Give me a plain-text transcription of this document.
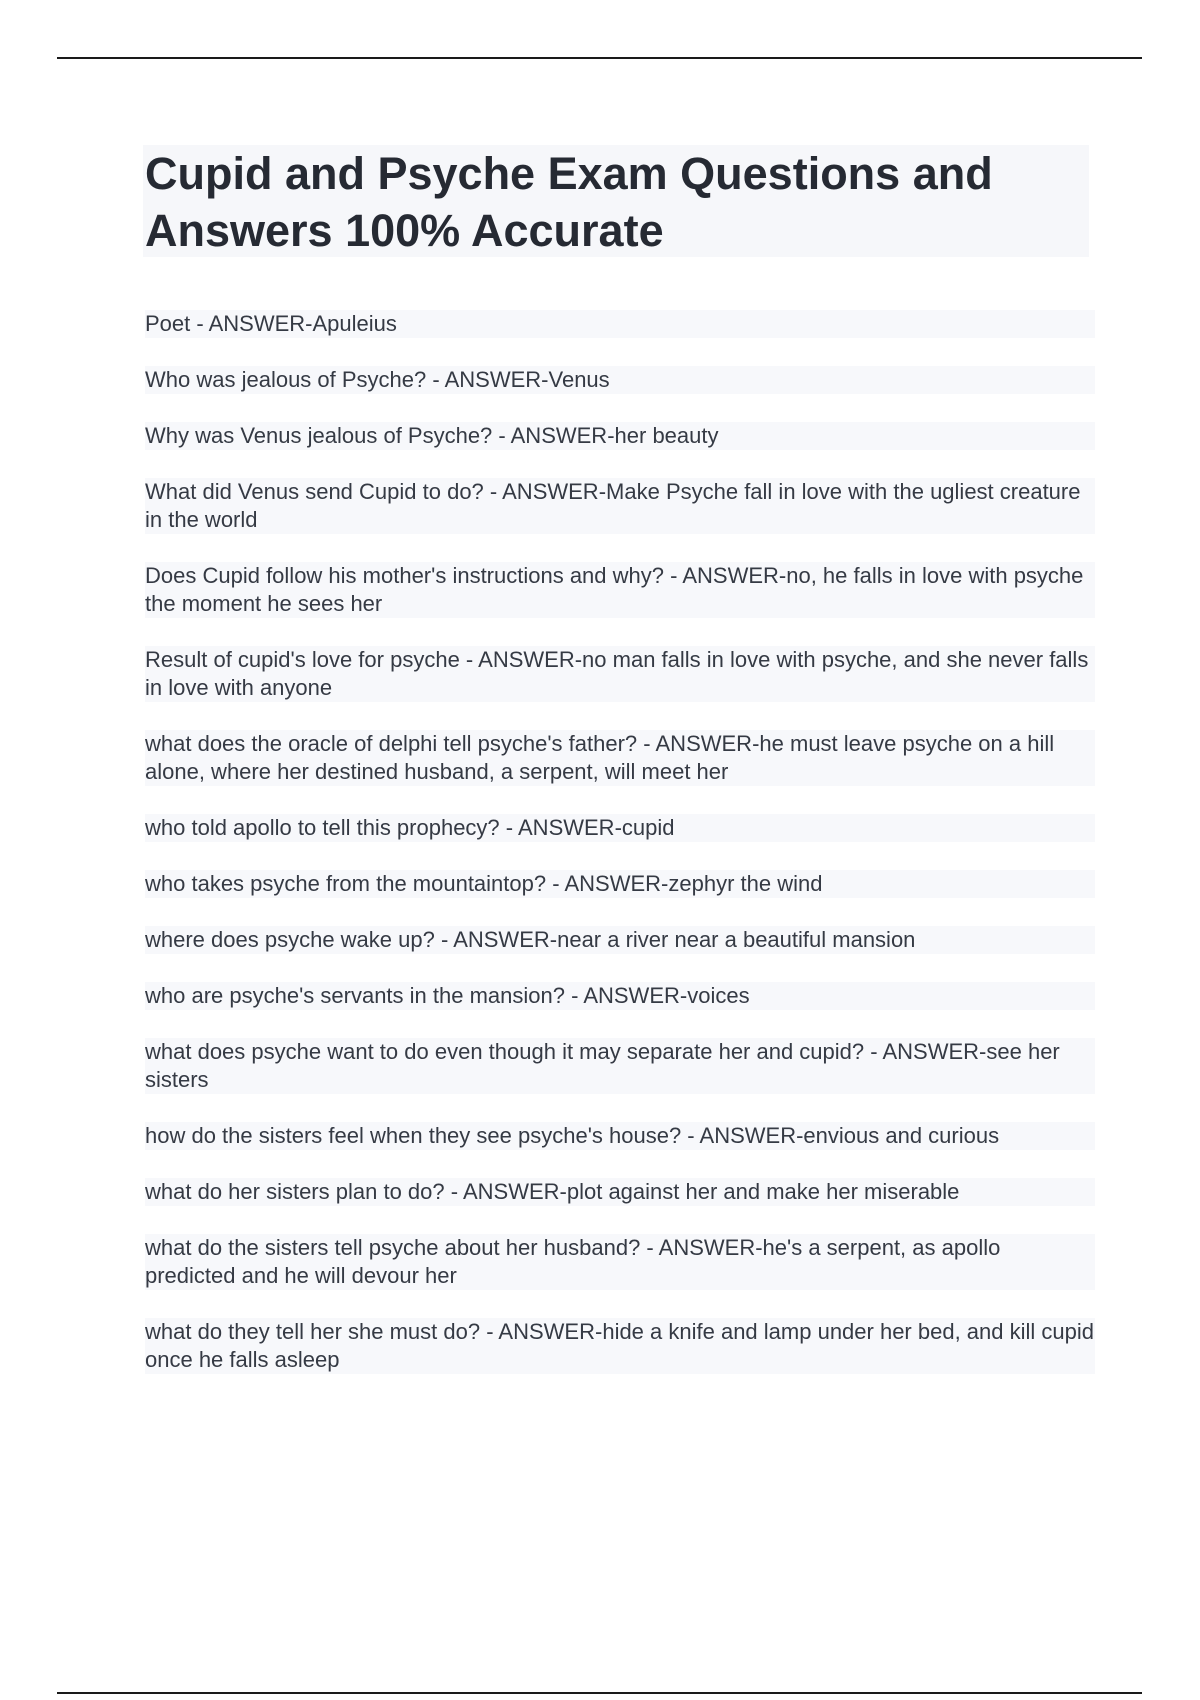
Cupid and Psyche Exam Questions and Answers 100% Accurate

Poet - ANSWER-Apuleius

Who was jealous of Psyche? - ANSWER-Venus

Why was Venus jealous of Psyche? - ANSWER-her beauty

What did Venus send Cupid to do? - ANSWER-Make Psyche fall in love with the ugliest creature in the world

Does Cupid follow his mother's instructions and why? - ANSWER-no, he falls in love with psyche the moment he sees her

Result of cupid's love for psyche - ANSWER-no man falls in love with psyche, and she never falls in love with anyone

what does the oracle of delphi tell psyche's father? - ANSWER-he must leave psyche on a hill alone, where her destined husband, a serpent, will meet her

who told apollo to tell this prophecy? - ANSWER-cupid

who takes psyche from the mountaintop? - ANSWER-zephyr the wind

where does psyche wake up? - ANSWER-near a river near a beautiful mansion

who are psyche's servants in the mansion? - ANSWER-voices

what does psyche want to do even though it may separate her and cupid? - ANSWER-see her sisters

how do the sisters feel when they see psyche's house? - ANSWER-envious and curious

what do her sisters plan to do? - ANSWER-plot against her and make her miserable

what do the sisters tell psyche about her husband? - ANSWER-he's a serpent, as apollo predicted and he will devour her

what do they tell her she must do? - ANSWER-hide a knife and lamp under her bed, and kill cupid once he falls asleep
